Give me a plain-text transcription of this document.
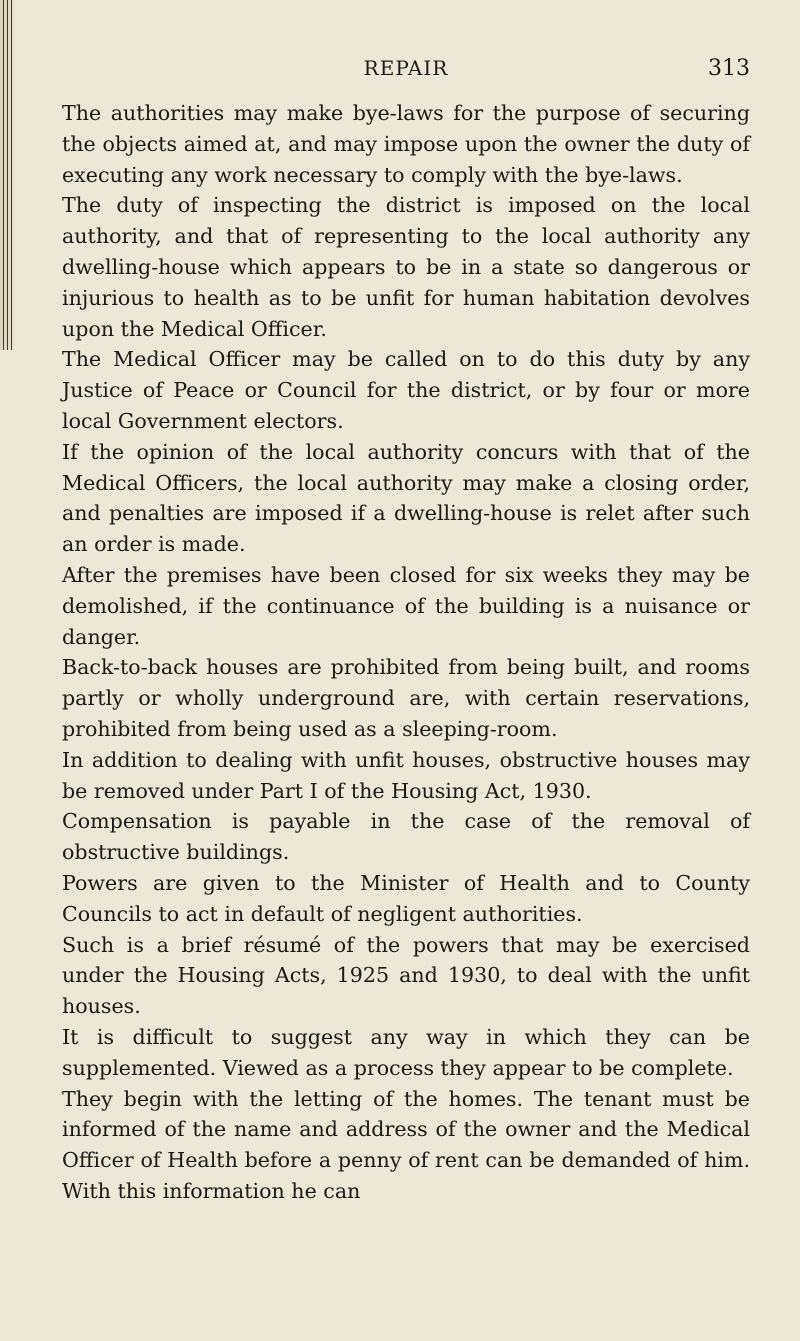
REPAIR	313

The authorities may make bye-laws for the purpose of securing the objects aimed at, and may impose upon the owner the duty of executing any work necessary to comply with the bye-laws.

The duty of inspecting the district is imposed on the local authority, and that of representing to the local authority any dwelling-house which appears to be in a state so dangerous or injurious to health as to be unfit for human habitation devolves upon the Medical Officer.

The Medical Officer may be called on to do this duty by any Justice of Peace or Council for the district, or by four or more local Government electors.

If the opinion of the local authority concurs with that of the Medical Officers, the local authority may make a closing order, and penalties are imposed if a dwelling-house is relet after such an order is made.

After the premises have been closed for six weeks they may be demolished, if the continuance of the building is a nuisance or danger.

Back-to-back houses are prohibited from being built, and rooms partly or wholly underground are, with certain reservations, prohibited from being used as a sleeping-room.

In addition to dealing with unfit houses, obstructive houses may be removed under Part I of the Housing Act, 1930.

Compensation is payable in the case of the removal of obstructive buildings.

Powers are given to the Minister of Health and to County Councils to act in default of negligent authorities.

Such is a brief résumé of the powers that may be exercised under the Housing Acts, 1925 and 1930, to deal with the unfit houses.

It is difficult to suggest any way in which they can be supplemented. Viewed as a process they appear to be complete.

They begin with the letting of the homes. The tenant must be informed of the name and address of the owner and the Medical Officer of Health before a penny of rent can be demanded of him. With this information he can
